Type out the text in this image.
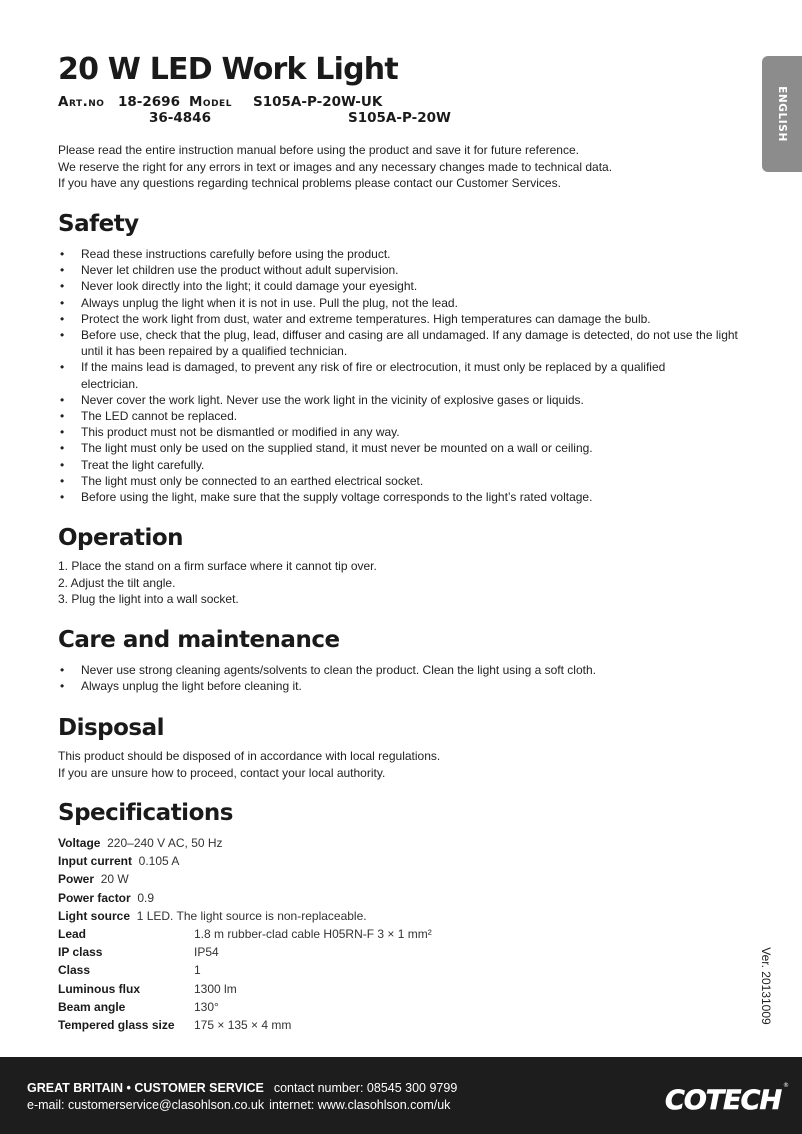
20 W LED Work Light
Art.no 18-2696 Model S105A-P-20W-UK
36-4846	S105A-P-20W	ENGLISH
Please read the entire instruction manual before using the product and save it for future reference.
We reserve the right for any errors in text or images and any necessary changes made to technical data.
If you have any questions regarding technical problems please contact our Customer Services.
Safety
• Read these instructions carefully before using the product.
• Never let children use the product without adult supervision.
• Never look directly into the light; it could damage your eyesight.
• Always unplug the light when it is not in use. Pull the plug, not the lead.
• Protect the work light from dust, water and extreme temperatures. High temperatures can damage the bulb.
• Before use, check that the plug, lead, diffuser and casing are all undamaged. If any damage is detected, do not use the light until it has been repaired by a qualified technician.
• If the mains lead is damaged, to prevent any risk of fire or electrocution, it must only be replaced by a qualified electrician.
• Never cover the work light. Never use the work light in the vicinity of explosive gases or liquids.
• The LED cannot be replaced.
• This product must not be dismantled or modified in any way.
• The light must only be used on the supplied stand, it must never be mounted on a wall or ceiling.
• Treat the light carefully.
• The light must only be connected to an earthed electrical socket.
• Before using the light, make sure that the supply voltage corresponds to the light’s rated voltage.
Operation
1. Place the stand on a firm surface where it cannot tip over.
2. Adjust the tilt angle.
3. Plug the light into a wall socket.
Care and maintenance
• Never use strong cleaning agents/solvents to clean the product. Clean the light using a soft cloth.
• Always unplug the light before cleaning it.
Disposal
This product should be disposed of in accordance with local regulations.
If you are unsure how to proceed, contact your local authority.
Specifications
Voltage 220–240 V AC, 50 Hz
Input current 0.105 A
Power 20 W
Power factor 0.9
Light source 1 LED. The light source is non-replaceable.
Lead	1.8 m rubber-clad cable H05RN-F 3 × 1 mm²
IP class	IP54
Class	1
Luminous flux	1300 lm
Beam angle	130°
Tempered glass size 175 × 135 × 4 mm
Ver. 20131009
GREAT BRITAIN • CUSTOMER SERVICE contact number: 08545 300 9799
e-mail: customerservice@clasohlson.co.uk internet: www.clasohlson.com/uk	COTECH ®
